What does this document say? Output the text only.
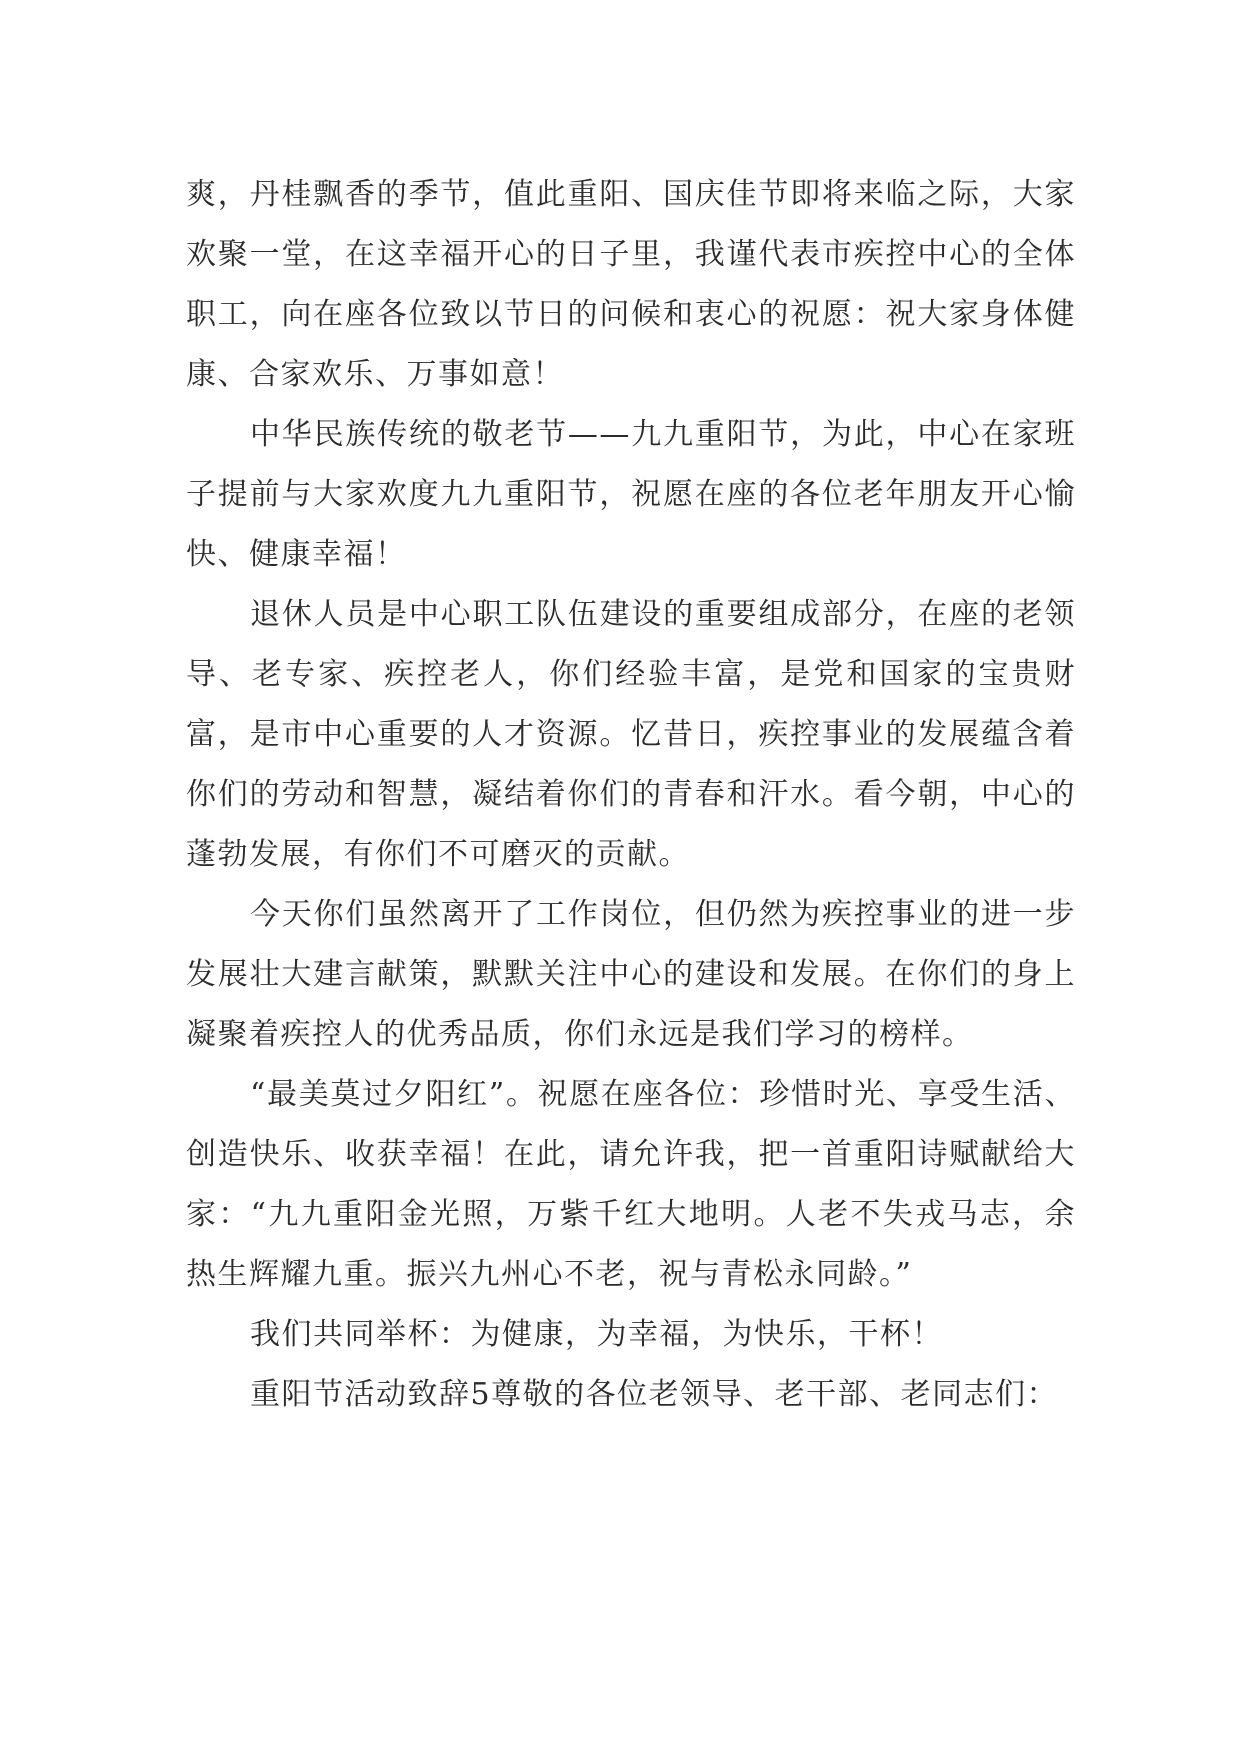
爽，丹桂飘香的季节，值此重阳、国庆佳节即将来临之际，大家欢聚一堂，在这幸福开心的日子里，我谨代表市疾控中心的全体职工，向在座各位致以节日的问候和衷心的祝愿：祝大家身体健康、合家欢乐、万事如意！

中华民族传统的敬老节——九九重阳节，为此，中心在家班子提前与大家欢度九九重阳节，祝愿在座的各位老年朋友开心愉快、健康幸福！

退休人员是中心职工队伍建设的重要组成部分，在座的老领导、老专家、疾控老人，你们经验丰富，是党和国家的宝贵财富，是市中心重要的人才资源。忆昔日，疾控事业的发展蕴含着你们的劳动和智慧，凝结着你们的青春和汗水。看今朝，中心的蓬勃发展，有你们不可磨灭的贡献。

今天你们虽然离开了工作岗位，但仍然为疾控事业的进一步发展壮大建言献策，默默关注中心的建设和发展。在你们的身上凝聚着疾控人的优秀品质，你们永远是我们学习的榜样。

“最美莫过夕阳红”。祝愿在座各位：珍惜时光、享受生活、创造快乐、收获幸福！在此，请允许我，把一首重阳诗赋献给大家：“九九重阳金光照，万紫千红大地明。人老不失戎马志，余热生辉耀九重。振兴九州心不老，祝与青松永同龄。”

我们共同举杯：为健康，为幸福，为快乐，干杯！

重阳节活动致辞5尊敬的各位老领导、老干部、老同志们：
